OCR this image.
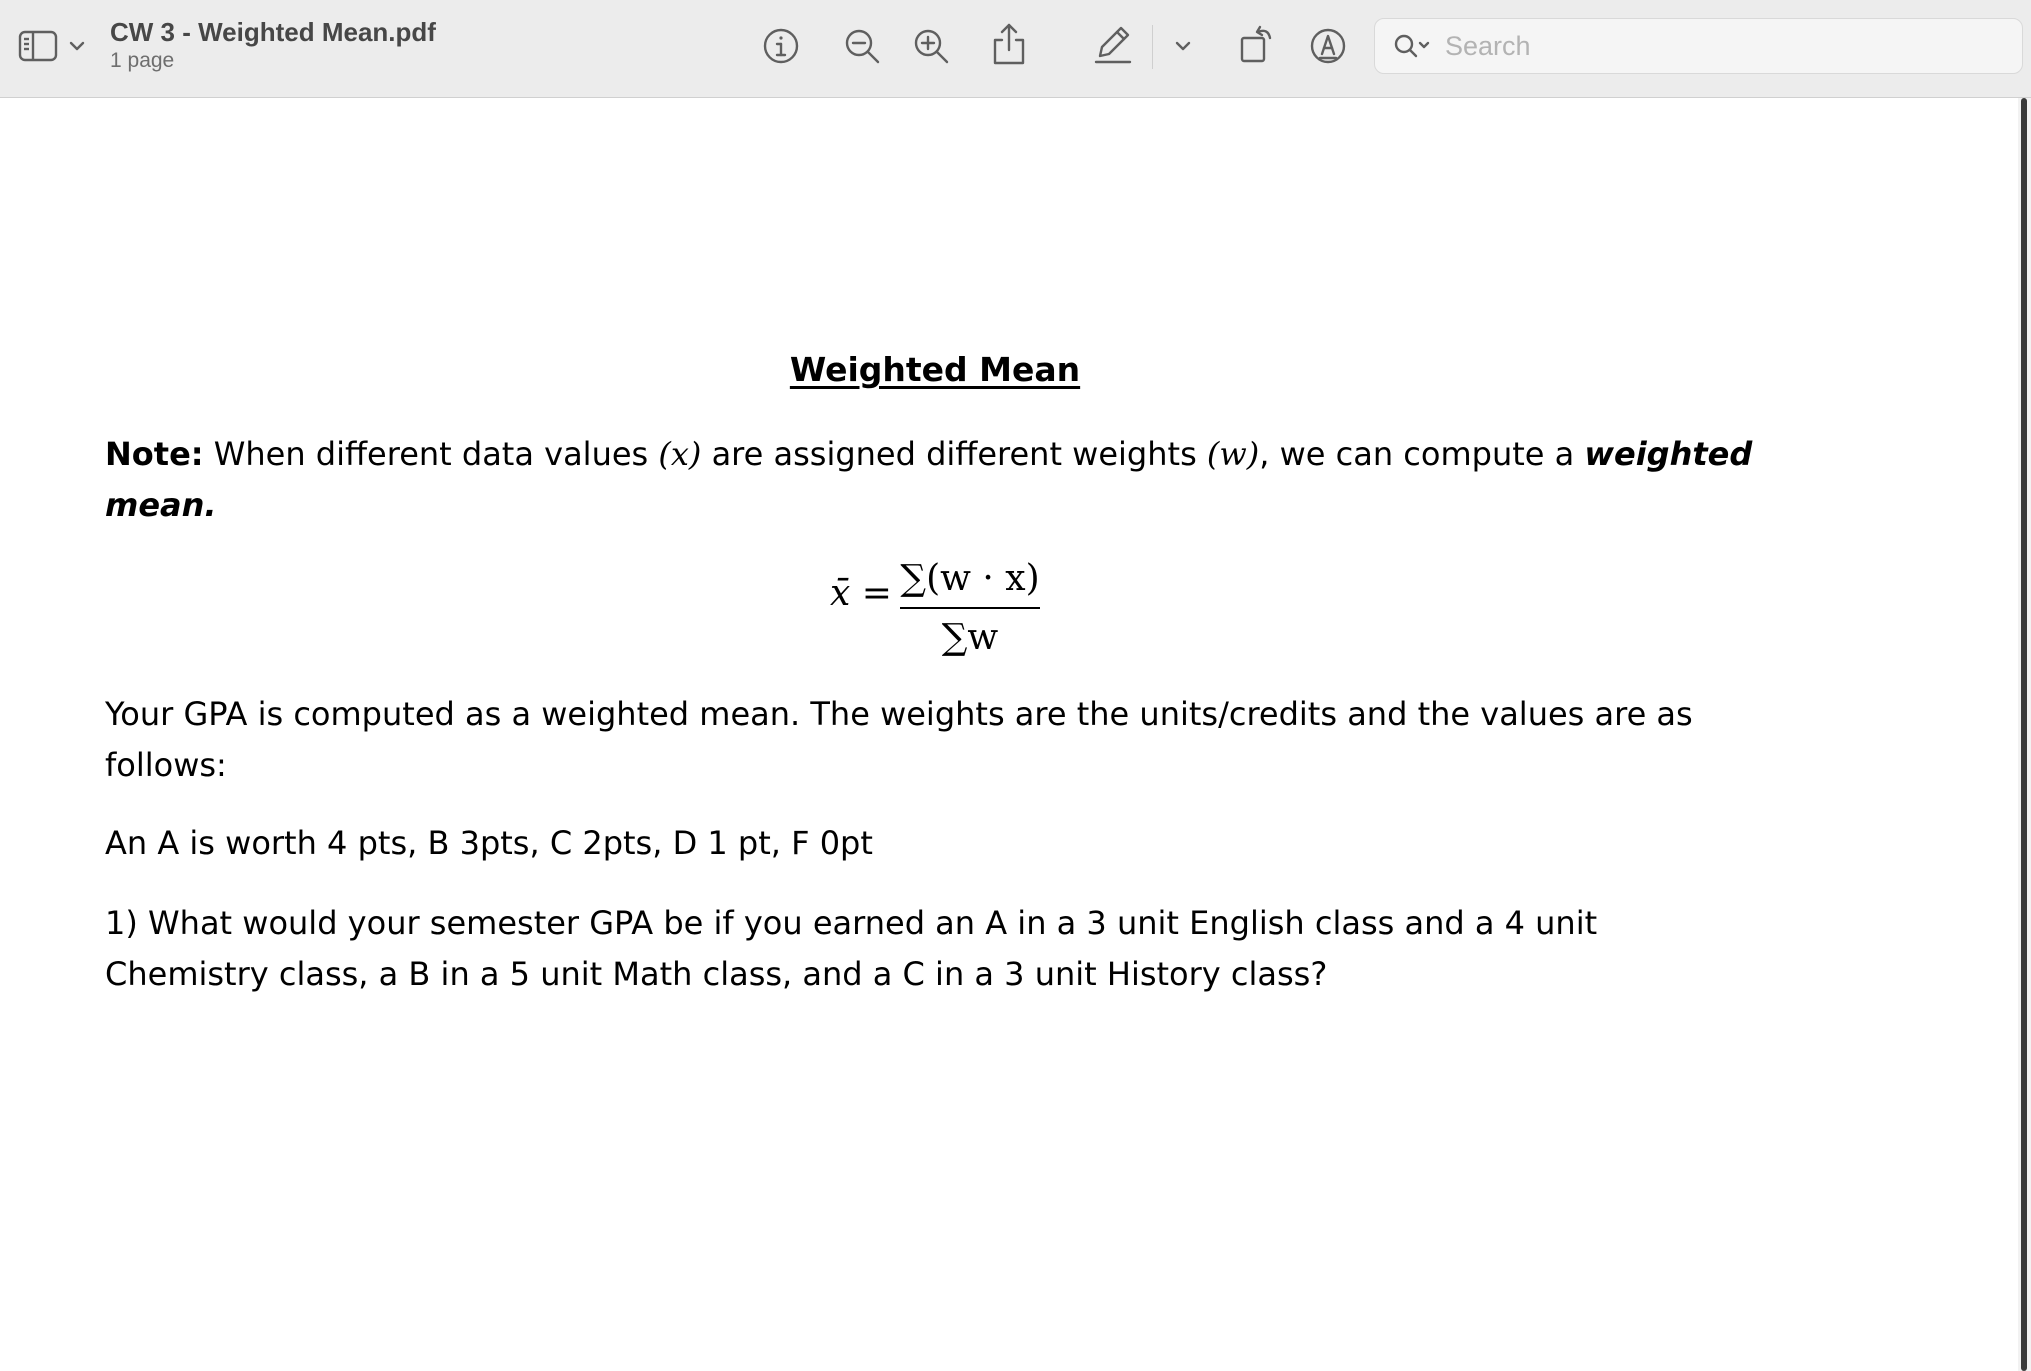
CW 3 - Weighted Mean.pdf
1 page
Search
Weighted Mean

Note: When different data values (x) are assigned different weights (w), we can compute a weighted mean.

x̄ = ∑(w · x)
∑w

Your GPA is computed as a weighted mean. The weights are the units/credits and the values are as follows:

An A is worth 4 pts, B 3pts, C 2pts, D 1 pt, F 0pt

1) What would your semester GPA be if you earned an A in a 3 unit English class and a 4 unit Chemistry class, a B in a 5 unit Math class, and a C in a 3 unit History class?
